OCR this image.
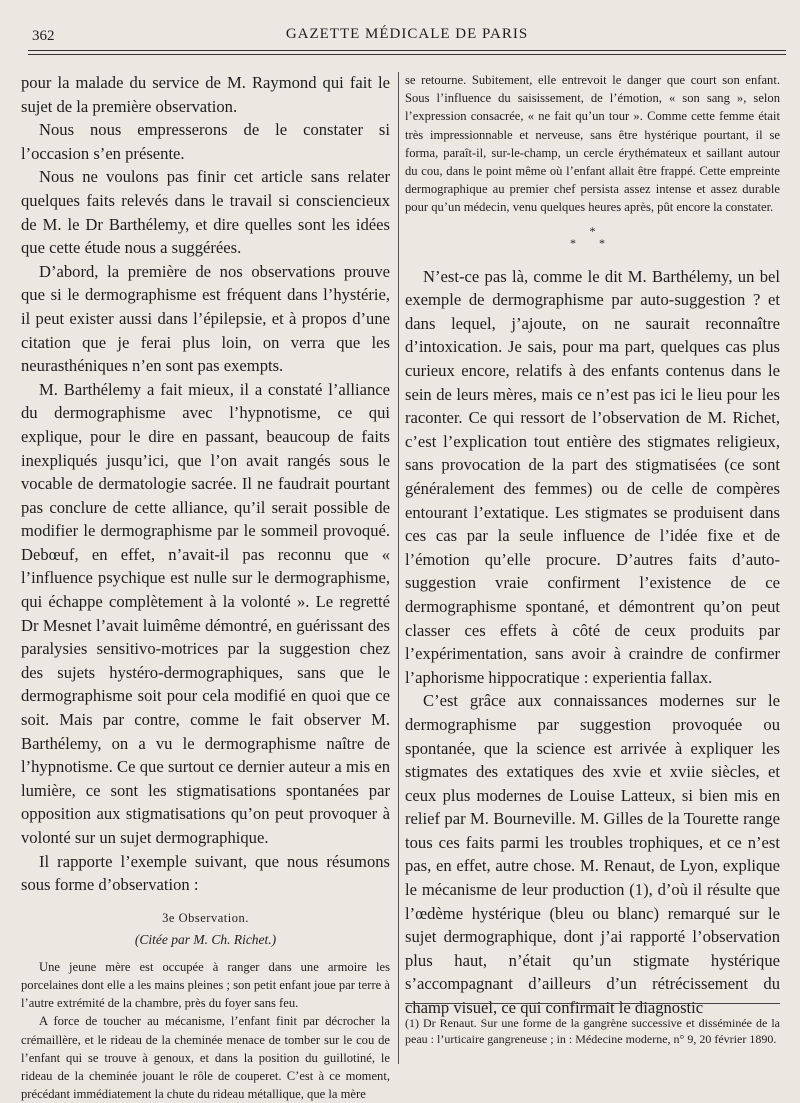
362	GAZETTE MÉDICALE DE PARIS

pour la malade du service de M. Raymond qui fait le sujet de la première observation.

Nous nous empresserons de le constater si l’occasion s’en présente.

Nous ne voulons pas finir cet article sans relater quelques faits relevés dans le travail si consciencieux de M. le Dr Barthélemy, et dire quelles sont les idées que cette étude nous a suggérées.

D’abord, la première de nos observations prouve que si le dermographisme est fréquent dans l’hystérie, il peut exister aussi dans l’épilepsie, et à propos d’une citation que je ferai plus loin, on verra que les neurasthéniques n’en sont pas exempts.

M. Barthélemy a fait mieux, il a constaté l’alliance du dermographisme avec l’hypnotisme, ce qui explique, pour le dire en passant, beaucoup de faits inexpliqués jusqu’ici, que l’on avait rangés sous le vocable de dermatologie sacrée. Il ne faudrait pourtant pas conclure de cette alliance, qu’il serait possible de modifier le dermographisme par le sommeil provoqué. Debœuf, en effet, n’avait-il pas reconnu que « l’influence psychique est nulle sur le dermographisme, qui échappe complètement à la volonté ». Le regretté Dr Mesnet l’avait luimême démontré, en guérissant des paralysies sensitivo-motrices par la suggestion chez des sujets hystéro-dermographiques, sans que le dermographisme soit pour cela modifié en quoi que ce soit. Mais par contre, comme le fait observer M. Barthélemy, on a vu le dermographisme naître de l’hypnotisme. Ce que surtout ce dernier auteur a mis en lumière, ce sont les stigmatisations spontanées par opposition aux stigmatisations qu’on peut provoquer à volonté sur un sujet dermographique.

Il rapporte l’exemple suivant, que nous résumons sous forme d’observation :

3e Observation.
(Citée par M. Ch. Richet.)

Une jeune mère est occupée à ranger dans une armoire les porcelaines dont elle a les mains pleines ; son petit enfant joue par terre à l’autre extrémité de la chambre, près du foyer sans feu.

A force de toucher au mécanisme, l’enfant finit par décrocher la crémaillère, et le rideau de la cheminée menace de tomber sur le cou de l’enfant qui se trouve à genoux, et dans la position du guillotiné, le rideau de la cheminée jouant le rôle de couperet. C’est à ce moment, précédant immédiatement la chute du rideau métallique, que la mère

se retourne. Subitement, elle entrevoit le danger que court son enfant. Sous l’influence du saisissement, de l’émotion, « son sang », selon l’expression consacrée, « ne fait qu’un tour ». Comme cette femme était très impressionnable et nerveuse, sans être hystérique pourtant, il se forma, paraît-il, sur-le-champ, un cercle érythémateux et saillant autour du cou, dans le point même où l’enfant allait être frappé. Cette empreinte dermographique au premier chef persista assez intense et assez durable pour qu’un médecin, venu quelques heures après, pût encore la constater.

*
* *

N’est-ce pas là, comme le dit M. Barthélemy, un bel exemple de dermographisme par auto-suggestion ? et dans lequel, j’ajoute, on ne saurait reconnaître d’intoxication. Je sais, pour ma part, quelques cas plus curieux encore, relatifs à des enfants contenus dans le sein de leurs mères, mais ce n’est pas ici le lieu pour les raconter. Ce qui ressort de l’observation de M. Richet, c’est l’explication tout entière des stigmates religieux, sans provocation de la part des stigmatisées (ce sont généralement des femmes) ou de celle de compères entourant l’extatique. Les stigmates se produisent dans ces cas par la seule influence de l’idée fixe et de l’émotion qu’elle procure. D’autres faits d’auto-suggestion vraie confirment l’existence de ce dermographisme spontané, et démontrent qu’on peut classer ces effets à côté de ceux produits par l’expérimentation, sans avoir à craindre de confirmer l’aphorisme hippocratique : experientia fallax.

C’est grâce aux connaissances modernes sur le dermographisme par suggestion provoquée ou spontanée, que la science est arrivée à expliquer les stigmates des extatiques des xvie et xviie siècles, et ceux plus modernes de Louise Latteux, si bien mis en relief par M. Bourneville. M. Gilles de la Tourette range tous ces faits parmi les troubles trophiques, et ce n’est pas, en effet, autre chose. M. Renaut, de Lyon, explique le mécanisme de leur production (1), d’où il résulte que l’œdème hystérique (bleu ou blanc) remarqué sur le sujet dermographique, dont j’ai rapporté l’observation plus haut, n’était qu’un stigmate hystérique s’accompagnant d’ailleurs d’un rétrécissement du champ visuel, ce qui confirmait le diagnostic

(1) Dr Renaut. Sur une forme de la gangrène successive et disséminée de la peau : l’urticaire gangreneuse ; in : Médecine moderne, n° 9, 20 février 1890.
